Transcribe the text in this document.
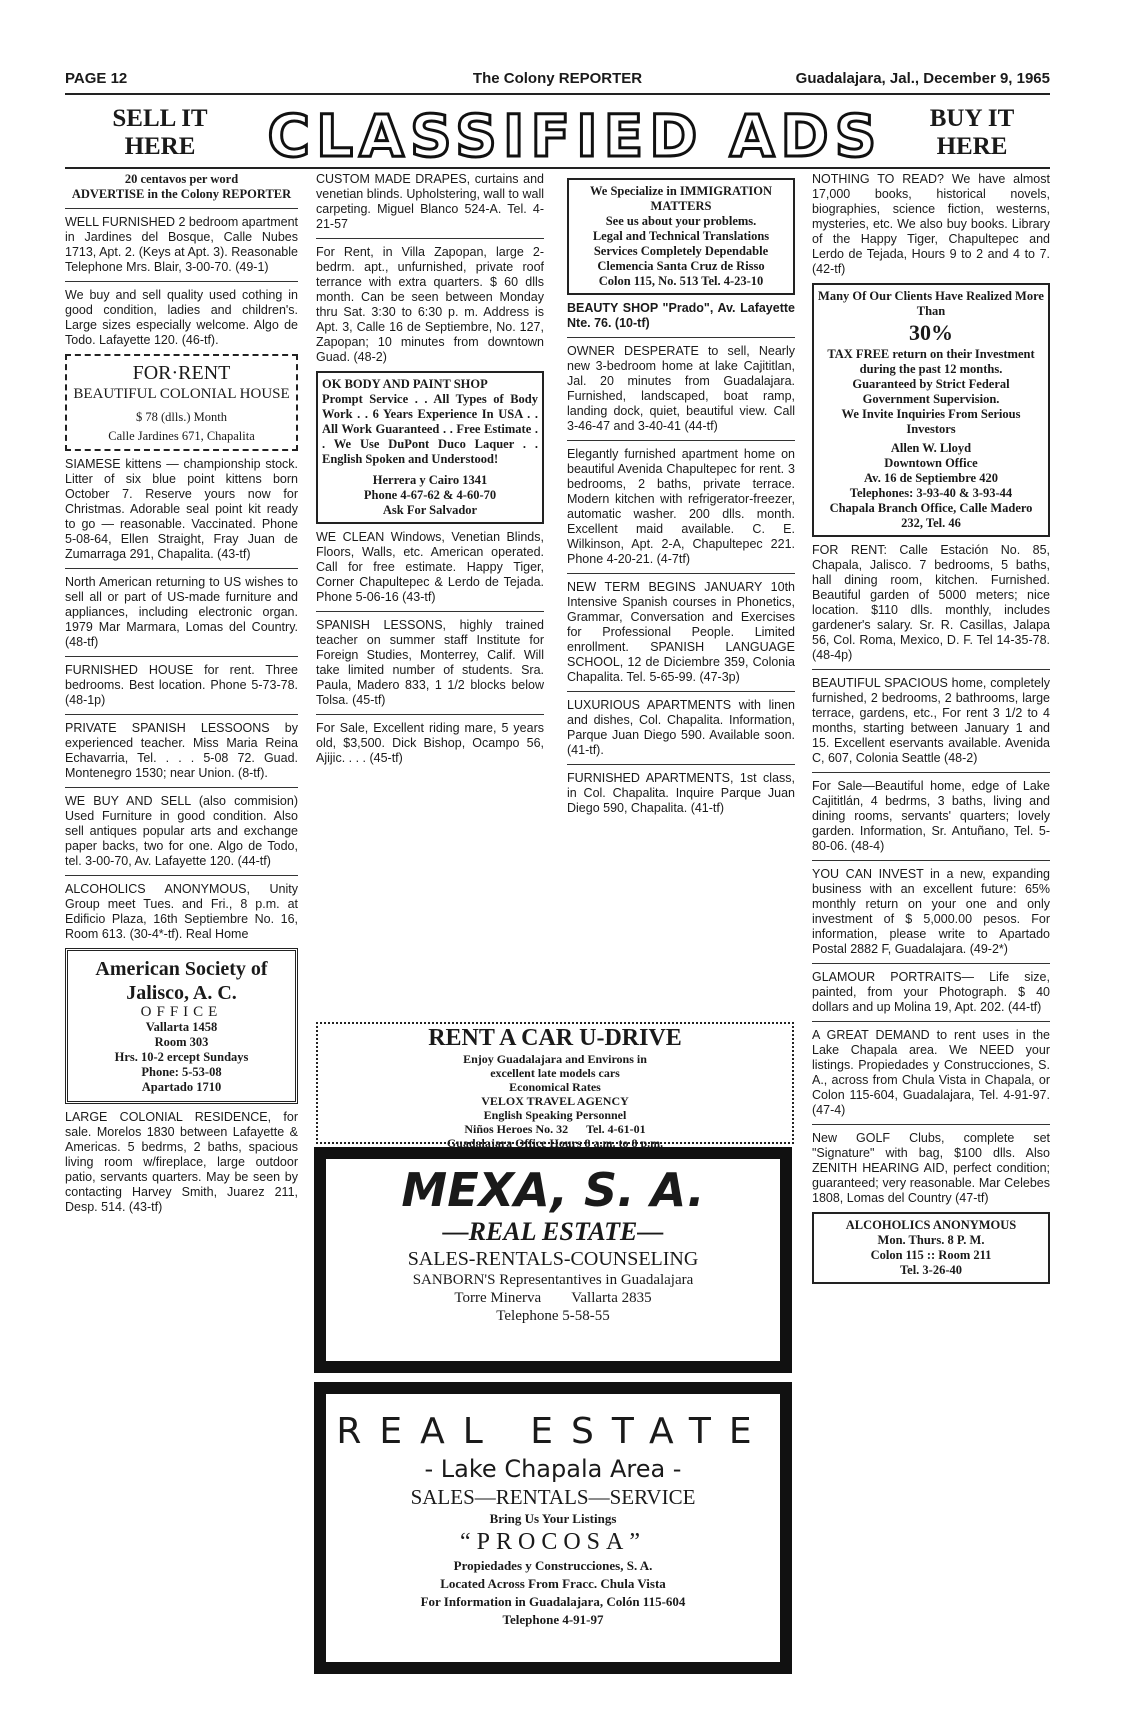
PAGE 12	The Colony REPORTER	Guadalajara, Jal., December 9, 1965
SELL IT
HERE	CLASSIFIED ADS	BUY IT
HERE
20 centavos per word
ADVERTISE in the Colony REPORTER

WELL FURNISHED 2 bedroom apartment in Jardines del Bosque, Calle Nubes 1713, Apt. 2. (Keys at Apt. 3). Reasonable Telephone Mrs. Blair, 3-00-70. (49-1)

We buy and sell quality used cothing in good condition, ladies and children's. Large sizes especially welcome. Algo de Todo. Lafayette 120. (46-tf).

FOR·RENT
BEAUTIFUL COLONIAL HOUSE
$ 78 (dlls.) Month
Calle Jardines 671, Chapalita

SIAMESE kittens — championship stock. Litter of six blue point kittens born October 7. Reserve yours now for Christmas. Adorable seal point kit ready to go — reasonable. Vaccinated. Phone 5-08-64, Ellen Straight, Fray Juan de Zumarraga 291, Chapalita. (43-tf)

North American returning to US wishes to sell all or part of US-made furniture and appliances, including electronic organ. 1979 Mar Marmara, Lomas del Country. (48-tf)

FURNISHED HOUSE for rent. Three bedrooms. Best location. Phone 5-73-78. (48-1p)

PRIVATE SPANISH LESSOONS by experienced teacher. Miss Maria Reina Echavarria, Tel. . . . 5-08 72. Guad. Montenegro 1530; near Union. (8-tf).

WE BUY AND SELL (also commision) Used Furniture in good condition. Also sell antiques popular arts and exchange paper backs, two for one. Algo de Todo, tel. 3-00-70, Av. Lafayette 120. (44-tf)

ALCOHOLICS ANONYMOUS, Unity Group meet Tues. and Fri., 8 p.m. at Edificio Plaza, 16th Septiembre No. 16, Room 613. (30-4*-tf). Real Home

American Society of Jalisco, A. C.
OFFICE
Vallarta 1458
Room 303
Hrs. 10-2 ercept Sundays
Phone: 5-53-08
Apartado 1710

LARGE COLONIAL RESIDENCE, for sale. Morelos 1830 between Lafayette & Americas. 5 bedrms, 2 baths, spacious living room w/fireplace, large outdoor patio, servants quarters. May be seen by contacting Harvey Smith, Juarez 211, Desp. 514. (43-tf)

CUSTOM MADE DRAPES, curtains and venetian blinds. Upholstering, wall to wall carpeting. Miguel Blanco 524-A. Tel. 4-21-57

For Rent, in Villa Zapopan, large 2-bedrm. apt., unfurnished, private roof terrance with extra quarters. $ 60 dlls month. Can be seen between Monday thru Sat. 3:30 to 6:30 p. m. Address is Apt. 3, Calle 16 de Septiembre, No. 127, Zapopan; 10 minutes from downtown Guad. (48-2)

OK BODY AND PAINT SHOP

Prompt Service . . All Types of Body Work . . 6 Years Experience In USA . . All Work Guaranteed . . Free Estimate . . We Use DuPont Duco Laquer . . English Spoken and Understood!

Herrera y Cairo 1341
Phone 4-67-62 & 4-60-70
Ask For Salvador

WE CLEAN Windows, Venetian Blinds, Floors, Walls, etc. American operated. Call for free estimate. Happy Tiger, Corner Chapultepec & Lerdo de Tejada. Phone 5-06-16 (43-tf)

SPANISH LESSONS, highly trained teacher on summer staff Institute for Foreign Studies, Monterrey, Calif. Will take limited number of students. Sra. Paula, Madero 833, 1 1/2 blocks below Tolsa. (45-tf)

For Sale, Excellent riding mare, 5 years old, $3,500. Dick Bishop, Ocampo 56, Ajijic. . . . (45-tf)

We Specialize in IMMIGRATION MATTERS
See us about your problems.
Legal and Technical Translations
Services Completely Dependable
Clemencia Santa Cruz de Risso
Colon 115, No. 513 Tel. 4-23-10

BEAUTY SHOP "Prado", Av. Lafayette Nte. 76. (10-tf)

OWNER DESPERATE to sell, Nearly new 3-bedroom home at lake Cajititlan, Jal. 20 minutes from Guadalajara. Furnished, landscaped, boat ramp, landing dock, quiet, beautiful view. Call 3-46-47 and 3-40-41 (44-tf)

Elegantly furnished apartment home on beautiful Avenida Chapultepec for rent. 3 bedrooms, 2 baths, private terrace. Modern kitchen with refrigerator-freezer, automatic washer. 200 dlls. month. Excellent maid available. C. E. Wilkinson, Apt. 2-A, Chapultepec 221. Phone 4-20-21. (4-7tf)

NEW TERM BEGINS JANUARY 10th Intensive Spanish courses in Phonetics, Grammar, Conversation and Exercises for Professional People. Limited enrollment. SPANISH LANGUAGE SCHOOL, 12 de Diciembre 359, Colonia Chapalita. Tel. 5-65-99. (47-3p)

LUXURIOUS APARTMENTS with linen and dishes, Col. Chapalita. Information, Parque Juan Diego 590. Available soon. (41-tf).

FURNISHED APARTMENTS, 1st class, in Col. Chapalita. Inquire Parque Juan Diego 590, Chapalita. (41-tf)

NOTHING TO READ? We have almost 17,000 books, historical novels, biographies, science fiction, westerns, mysteries, etc. We also buy books. Library of the Happy Tiger, Chapultepec and Lerdo de Tejada, Hours 9 to 2 and 4 to 7. (42-tf)

Many Of Our Clients Have Realized More Than
30%
TAX FREE return on their Investment during the past 12 months.
Guaranteed by Strict Federal Government Supervision.
We Invite Inquiries From Serious Investors
Allen W. Lloyd
Downtown Office
Av. 16 de Septiembre 420
Telephones: 3-93-40 & 3-93-44
Chapala Branch Office, Calle Madero 232, Tel. 46

FOR RENT: Calle Estación No. 85, Chapala, Jalisco. 7 bedrooms, 5 baths, hall dining room, kitchen. Furnished. Beautiful garden of 5000 meters; nice location. $110 dlls. monthly, includes gardener's salary. Sr. R. Casillas, Jalapa 56, Col. Roma, Mexico, D. F. Tel 14-35-78. (48-4p)

BEAUTIFUL SPACIOUS home, completely furnished, 2 bedrooms, 2 bathrooms, large terrace, gardens, etc., For rent 3 1/2 to 4 months, starting between January 1 and 15. Excellent eservants available. Avenida C, 607, Colonia Seattle (48-2)

For Sale—Beautiful home, edge of Lake Cajititlán, 4 bedrms, 3 baths, living and dining rooms, servants' quarters; lovely garden. Information, Sr. Antuñano, Tel. 5-80-06. (48-4)

YOU CAN INVEST in a new, expanding business with an excellent future: 65% monthly return on your one and only investment of $ 5,000.00 pesos. For information, please write to Apartado Postal 2882 F, Guadalajara. (49-2*)

GLAMOUR PORTRAITS— Life size, painted, from your Photograph. $ 40 dollars and up Molina 19, Apt. 202. (44-tf)

A GREAT DEMAND to rent uses in the Lake Chapala area. We NEED your listings. Propiedades y Construcciones, S. A., across from Chula Vista in Chapala, or Colon 115-604, Guadalajara, Tel. 4-91-97. (47-4)

New GOLF Clubs, complete set "Signature" with bag, $100 dlls. Also ZENITH HEARING AID, perfect condition; guaranteed; very reasonable. Mar Celebes 1808, Lomas del Country (47-tf)

ALCOHOLICS ANONYMOUS
Mon. Thurs. 8 P. M.
Colon 115 :: Room 211
Tel. 3-26-40
RENT A CAR U-DRIVE
Enjoy Guadalajara and Environs in
excellent late models cars
Economical Rates
VELOX TRAVEL AGENCY
English Speaking Personnel
Niños Heroes No. 32 Tel. 4-61-01
Guadalajara Office Hours 8 a.m. to 8 p.m.
MEXA, S. A.
—REAL ESTATE—
SALES-RENTALS-COUNSELING
SANBORN'S Representantives in Guadalajara
Torre Minerva Vallarta 2835
Telephone 5-58-55
REAL ESTATE
- Lake Chapala Area -
SALES—RENTALS—SERVICE
Bring Us Your Listings
“PROCOSA”
Propiedades y Construcciones, S. A.
Located Across From Fracc. Chula Vista
For Information in Guadalajara, Colón 115-604
Telephone 4-91-97
